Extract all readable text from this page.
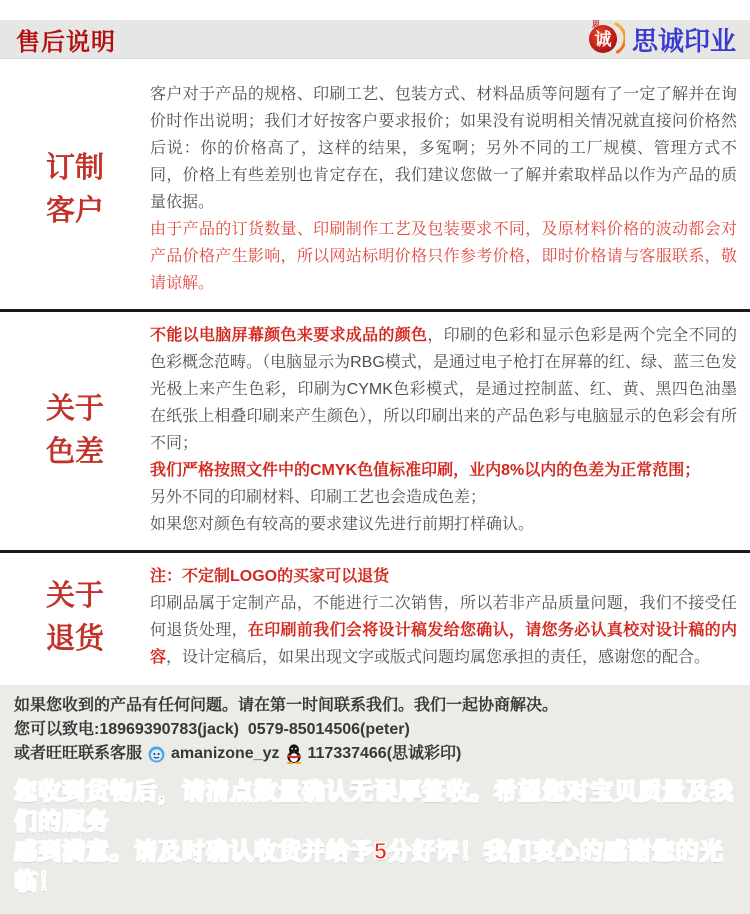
售后说明	诚
思
思诚印业
订制
客户

客户对于产品的规格、印刷工艺、包装方式、材料品质等问题有了一定了解并在询价时作出说明；我们才好按客户要求报价；如果没有说明相关情况就直接问价格然后说：你的价格高了，这样的结果，多冤啊；另外不同的工厂规模、管理方式不同，价格上有些差别也肯定存在，我们建议您做一了解并索取样品以作为产品的质量依据。

由于产品的订货数量、印刷制作工艺及包装要求不同，及原材料价格的波动都会对产品价格产生影响，所以网站标明价格只作参考价格，即时价格请与客服联系，敬请谅解。

关于
色差

不能以电脑屏幕颜色来要求成品的颜色，印刷的色彩和显示色彩是两个完全不同的色彩概念范畴。（电脑显示为RBG模式，是通过电子枪打在屏幕的红、绿、蓝三色发光极上来产生色彩，印刷为CYMK色彩模式，是通过控制蓝、红、黄、黑四色油墨在纸张上相叠印刷来产生颜色），所以印刷出来的产品色彩与电脑显示的色彩会有所不同；

我们严格按照文件中的CMYK色值标准印刷，业内8%以内的色差为正常范围；

另外不同的印刷材料、印刷工艺也会造成色差；

如果您对颜色有较高的要求建议先进行前期打样确认。

关于
退货

注：不定制LOGO的买家可以退货

印刷品属于定制产品，不能进行二次销售，所以若非产品质量问题，我们不接受任何退货处理，在印刷前我们会将设计稿发给您确认，请您务必认真校对设计稿的内容，设计定稿后，如果出现文字或版式问题均属您承担的责任，感谢您的配合。

如果您收到的产品有任何问题。请在第一时间联系我们。我们一起协商解决。
您可以致电:18969390783(jack)  0579-85014506(peter)
或者旺旺联系客服 amanizone_yz 117337466(思诚彩印)
您收到货物后，请清点数量确认无误厚签收。希望您对宝贝质量及我们的服务
感到满意。请及时确认收货并给予5分好评！我们衷心的感谢您的光临！
